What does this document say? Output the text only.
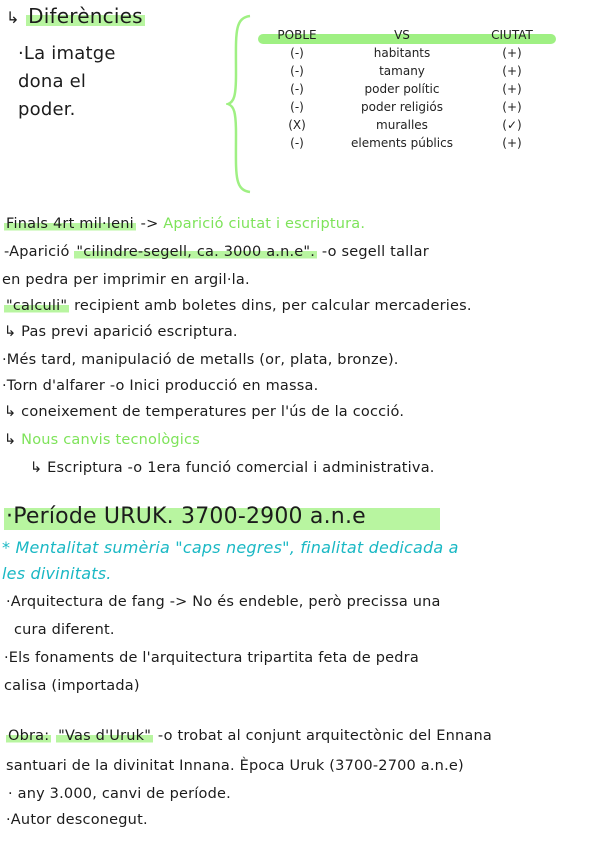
↳ Diferències
·La imatge
dona el
poder.
POBLE	VS	CIUTAT
(-)	habitants	(+)
(-)	tamany	(+)
(-)	poder polític	(+)
(-)	poder religiós	(+)
(X)	muralles	(✓)
(-)	elements públics	(+)
Finals 4rt mil·leni -> Aparició ciutat i escriptura.
-Aparició "cilindre-segell, ca. 3000 a.n.e". -o segell tallar
en pedra per imprimir en argil·la.
"calculi" recipient amb boletes dins, per calcular mercaderies.
↳ Pas previ aparició escriptura.
·Més tard, manipulació de metalls (or, plata, bronze).
·Torn d'alfarer -o Inici producció en massa.
↳ coneixement de temperatures per l'ús de la cocció.
↳ Nous canvis tecnològics
↳ Escriptura -o 1era funció comercial i administrativa.
·Període URUK. 3700-2900 a.n.e
* Mentalitat sumèria "caps negres", finalitat dedicada a
les divinitats.
·Arquitectura de fang -> No és endeble, però precissa una
cura diferent.
·Els fonaments de l'arquitectura tripartita feta de pedra
calisa (importada)
Obra: "Vas d'Uruk" -o trobat al conjunt arquitectònic del Ennana
santuari de la divinitat Innana. Època Uruk (3700-2700 a.n.e)
· any 3.000, canvi de període.
·Autor desconegut.
